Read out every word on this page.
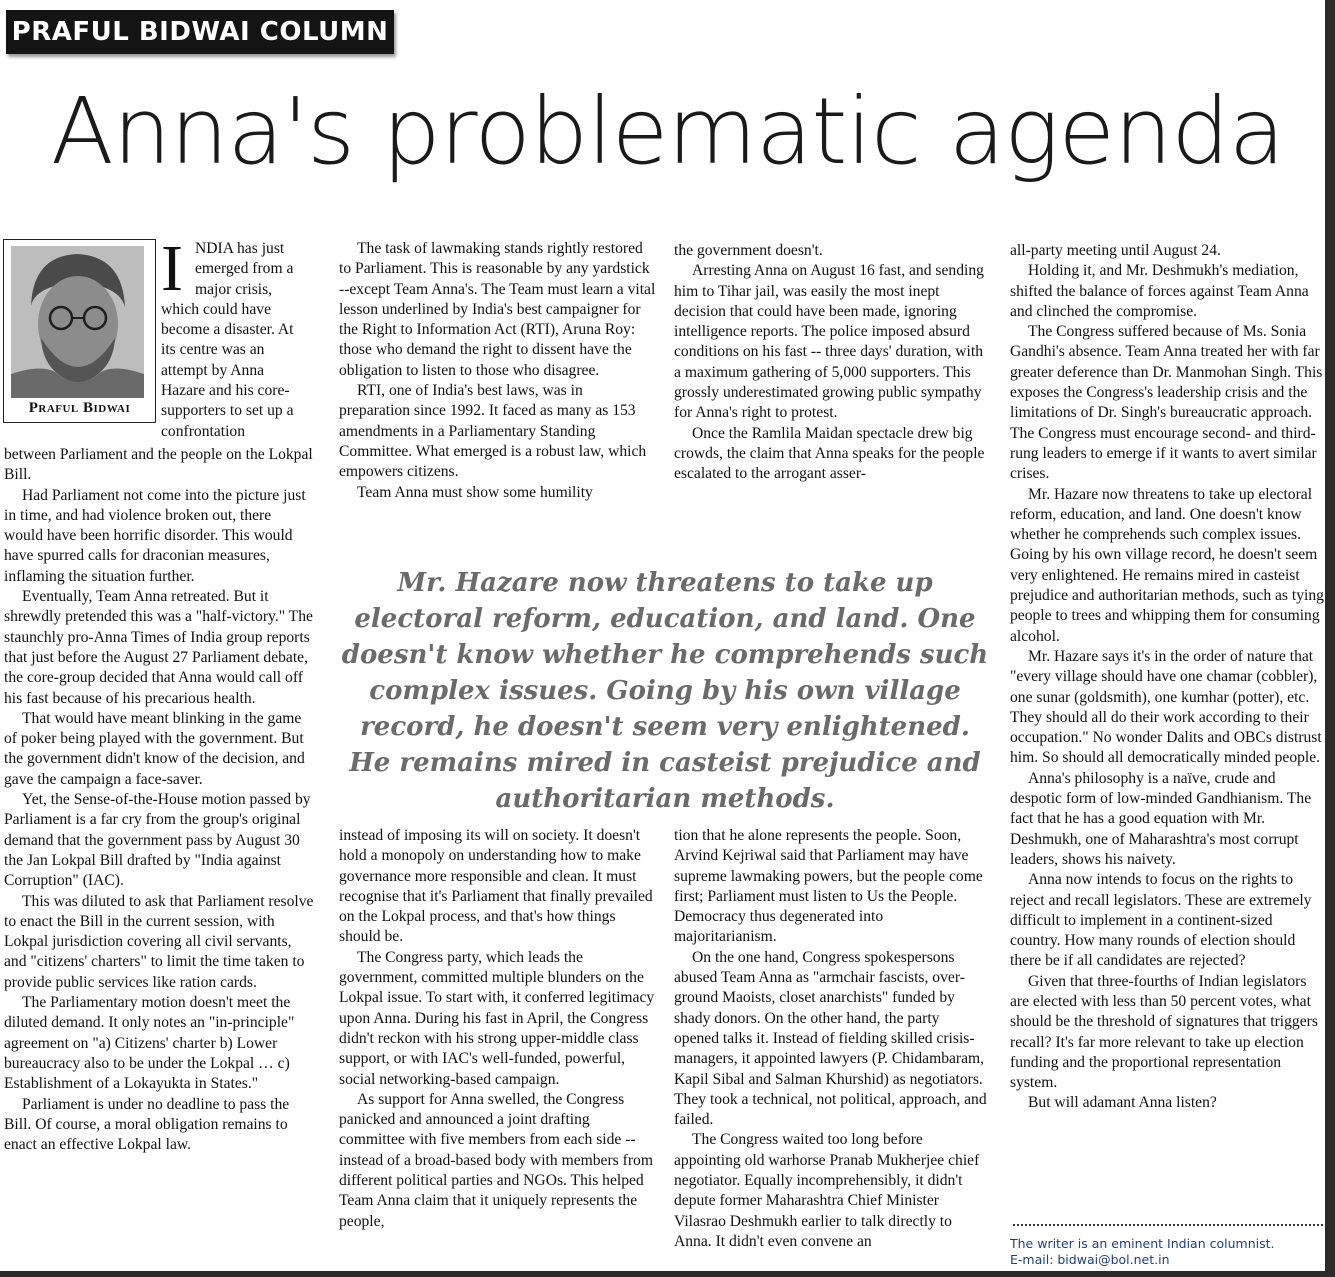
PRAFUL BIDWAI COLUMN
Anna's problematic agenda
Praful Bidwai
I NDIA has just
emerged from a
major crisis,
which could have
become a disaster. At
its centre was an
attempt by Anna
Hazare and his core-
supporters to set up a
confrontation

between Parliament and the people on the Lokpal Bill.

Had Parliament not come into the picture just in time, and had violence broken out, there would have been horrific disorder. This would have spurred calls for draconian measures, inflaming the situation further.

Eventually, Team Anna retreated. But it shrewdly pretended this was a "half-victory." The staunchly pro-Anna Times of India group reports that just before the August 27 Parliament debate, the core-group decided that Anna would call off his fast because of his precarious health.

That would have meant blinking in the game of poker being played with the government. But the government didn't know of the decision, and gave the campaign a face-saver.

Yet, the Sense-of-the-House motion passed by Parliament is a far cry from the group's original demand that the government pass by August 30 the Jan Lokpal Bill drafted by "India against Corruption" (IAC).

This was diluted to ask that Parliament resolve to enact the Bill in the current session, with Lokpal jurisdiction covering all civil servants, and "citizens' charters" to limit the time taken to provide public services like ration cards.

The Parliamentary motion doesn't meet the diluted demand. It only notes an "in-principle" agreement on "a) Citizens' charter b) Lower bureaucracy also to be under the Lokpal … c) Establishment of a Lokayukta in States."

Parliament is under no deadline to pass the Bill. Of course, a moral obligation remains to enact an effective Lokpal law.

The task of lawmaking stands rightly restored to Parliament. This is reasonable by any yardstick --except Team Anna's. The Team must learn a vital lesson underlined by India's best campaigner for the Right to Information Act (RTI), Aruna Roy: those who demand the right to dissent have the obligation to listen to those who disagree.

RTI, one of India's best laws, was in preparation since 1992. It faced as many as 153 amendments in a Parliamentary Standing Committee. What emerged is a robust law, which empowers citizens.

Team Anna must show some humility

the government doesn't.

Arresting Anna on August 16 fast, and sending him to Tihar jail, was easily the most inept decision that could have been made, ignoring intelligence reports. The police imposed absurd conditions on his fast -- three days' duration, with a maximum gathering of 5,000 supporters. This grossly underestimated growing public sympathy for Anna's right to protest.

Once the Ramlila Maidan spectacle drew big crowds, the claim that Anna speaks for the people escalated to the arrogant asser-

Mr. Hazare now threatens to take up electoral reform, education, and land. One doesn't know whether he comprehends such complex issues. Going by his own village record, he doesn't seem very enlightened. He remains mired in casteist prejudice and authoritarian methods.

instead of imposing its will on society. It doesn't hold a monopoly on understanding how to make governance more responsible and clean. It must recognise that it's Parliament that finally prevailed on the Lokpal process, and that's how things should be.

The Congress party, which leads the government, committed multiple blunders on the Lokpal issue. To start with, it conferred legitimacy upon Anna. During his fast in April, the Congress didn't reckon with his strong upper-middle class support, or with IAC's well-funded, powerful, social networking-based campaign.

As support for Anna swelled, the Congress panicked and announced a joint drafting committee with five members from each side -- instead of a broad-based body with members from different political parties and NGOs. This helped Team Anna claim that it uniquely represents the people,

tion that he alone represents the people. Soon, Arvind Kejriwal said that Parliament may have supreme lawmaking powers, but the people come first; Parliament must listen to Us the People. Democracy thus degenerated into majoritarianism.

On the one hand, Congress spokespersons abused Team Anna as "armchair fascists, over-ground Maoists, closet anarchists" funded by shady donors. On the other hand, the party opened talks it. Instead of fielding skilled crisis-managers, it appointed lawyers (P. Chidambaram, Kapil Sibal and Salman Khurshid) as negotiators. They took a technical, not political, approach, and failed.

The Congress waited too long before appointing old warhorse Pranab Mukherjee chief negotiator. Equally incomprehensibly, it didn't depute former Maharashtra Chief Minister Vilasrao Deshmukh earlier to talk directly to Anna. It didn't even convene an

all-party meeting until August 24.

Holding it, and Mr. Deshmukh's mediation, shifted the balance of forces against Team Anna and clinched the compromise.

The Congress suffered because of Ms. Sonia Gandhi's absence. Team Anna treated her with far greater deference than Dr. Manmohan Singh. This exposes the Congress's leadership crisis and the limitations of Dr. Singh's bureaucratic approach. The Congress must encourage second- and third-rung leaders to emerge if it wants to avert similar crises.

Mr. Hazare now threatens to take up electoral reform, education, and land. One doesn't know whether he comprehends such complex issues. Going by his own village record, he doesn't seem very enlightened. He remains mired in casteist prejudice and authoritarian methods, such as tying people to trees and whipping them for consuming alcohol.

Mr. Hazare says it's in the order of nature that "every village should have one chamar (cobbler), one sunar (goldsmith), one kumhar (potter), etc. They should all do their work according to their occupation." No wonder Dalits and OBCs distrust him. So should all democratically minded people.

Anna's philosophy is a naïve, crude and despotic form of low-minded Gandhianism. The fact that he has a good equation with Mr. Deshmukh, one of Maharashtra's most corrupt leaders, shows his naivety.

Anna now intends to focus on the rights to reject and recall legislators. These are extremely difficult to implement in a continent-sized country. How many rounds of election should there be if all candidates are rejected?

Given that three-fourths of Indian legislators are elected with less than 50 percent votes, what should be the threshold of signatures that triggers recall? It's far more relevant to take up election funding and the proportional representation system.

But will adamant Anna listen?

The writer is an eminent Indian columnist.
E-mail: bidwai@bol.net.in
